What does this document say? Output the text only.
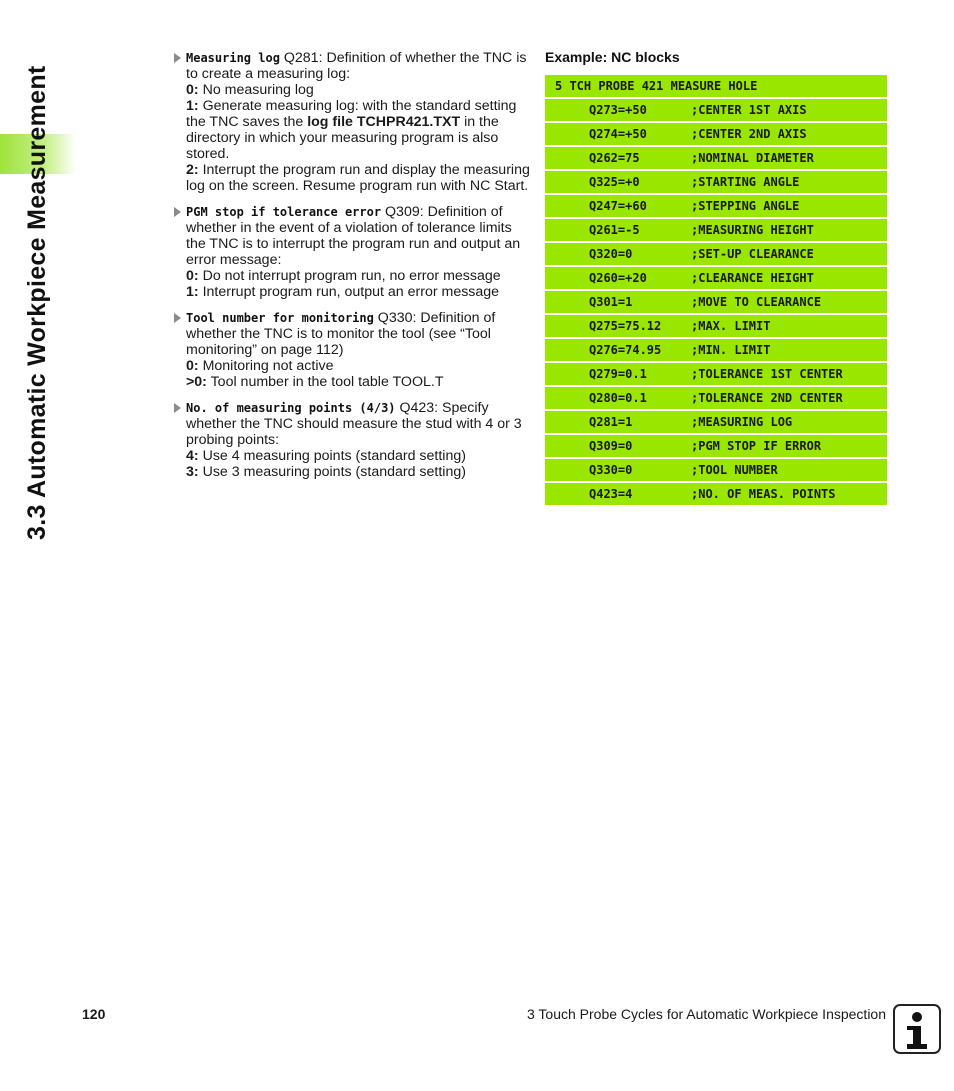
3.3 Automatic Workpiece Measurement
Measuring log Q281: Definition of whether the TNC is to create a measuring log:
0: No measuring log
1: Generate measuring log: with the standard setting the TNC saves the log file TCHPR421.TXT in the directory in which your measuring program is also stored.
2: Interrupt the program run and display the measuring log on the screen. Resume program run with NC Start.
PGM stop if tolerance error Q309: Definition of whether in the event of a violation of tolerance limits the TNC is to interrupt the program run and output an error message:
0: Do not interrupt program run, no error message
1: Interrupt program run, output an error message
Tool number for monitoring Q330: Definition of whether the TNC is to monitor the tool (see “Tool monitoring” on page 112)
0: Monitoring not active
>0: Tool number in the tool table TOOL.T
No. of measuring points (4/3) Q423: Specify whether the TNC should measure the stud with 4 or 3 probing points:
4: Use 4 measuring points (standard setting)
3: Use 3 measuring points (standard setting)
Example: NC blocks
5 TCH PROBE 421 MEASURE HOLE
Q273=+50	;CENTER 1ST AXIS
Q274=+50	;CENTER 2ND AXIS
Q262=75	;NOMINAL DIAMETER
Q325=+0	;STARTING ANGLE
Q247=+60	;STEPPING ANGLE
Q261=-5	;MEASURING HEIGHT
Q320=0	;SET-UP CLEARANCE
Q260=+20	;CLEARANCE HEIGHT
Q301=1	;MOVE TO CLEARANCE
Q275=75.12 ;MAX. LIMIT
Q276=74.95 ;MIN. LIMIT
Q279=0.1	;TOLERANCE 1ST CENTER
Q280=0.1	;TOLERANCE 2ND CENTER
Q281=1	;MEASURING LOG
Q309=0	;PGM STOP IF ERROR
Q330=0	;TOOL NUMBER
Q423=4	;NO. OF MEAS. POINTS
120	3 Touch Probe Cycles for Automatic Workpiece Inspection
